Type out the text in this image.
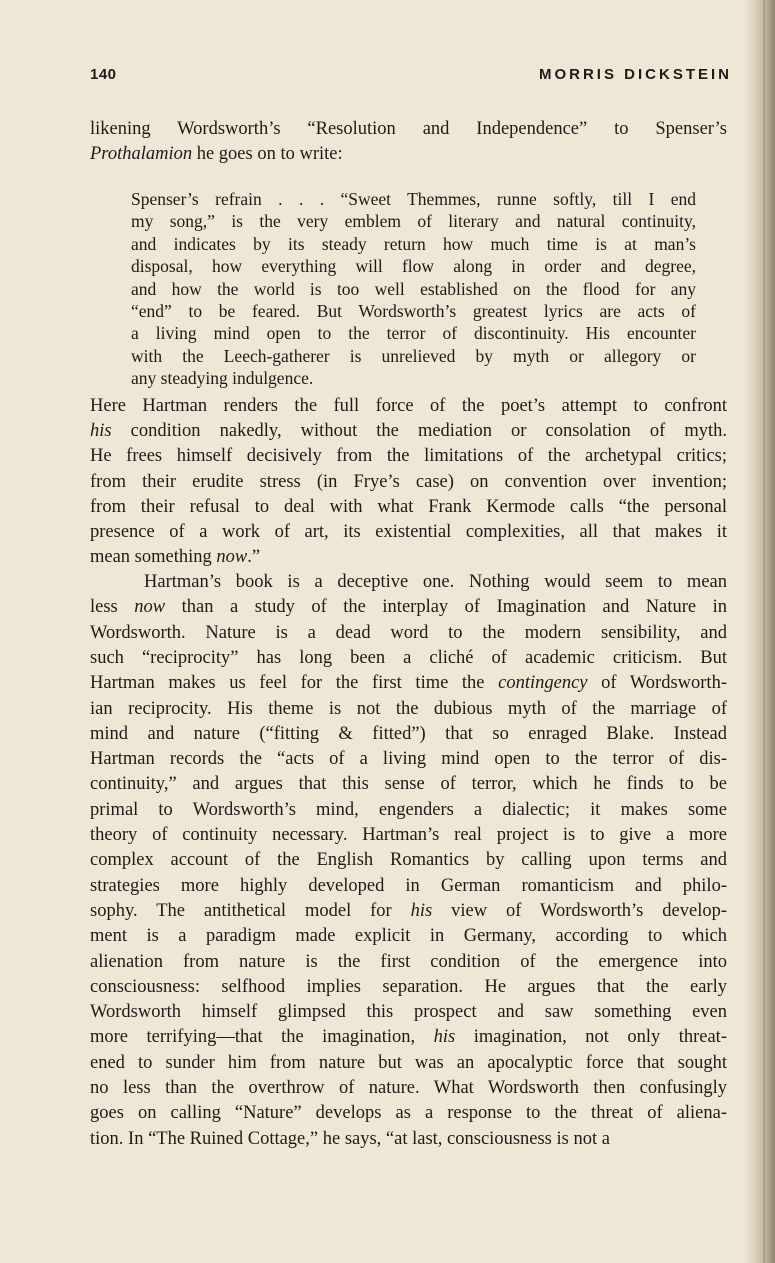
140	MORRIS DICKSTEIN
likening Wordsworth’s “Resolution and Independence” to Spenser’s
Prothalamion he goes on to write:
Spenser’s refrain . . . “Sweet Themmes, runne softly, till I end
my song,” is the very emblem of literary and natural continuity,
and indicates by its steady return how much time is at man’s
disposal, how everything will flow along in order and degree,
and how the world is too well established on the flood for any
“end” to be feared. But Wordsworth’s greatest lyrics are acts of
a living mind open to the terror of discontinuity. His encounter
with the Leech-gatherer is unrelieved by myth or allegory or
any steadying indulgence.
Here Hartman renders the full force of the poet’s attempt to confront
his condition nakedly, without the mediation or consolation of myth.
He frees himself decisively from the limitations of the archetypal critics;
from their erudite stress (in Frye’s case) on convention over invention;
from their refusal to deal with what Frank Kermode calls “the personal
presence of a work of art, its existential complexities, all that makes it
mean something now.”
Hartman’s book is a deceptive one. Nothing would seem to mean
less now than a study of the interplay of Imagination and Nature in
Wordsworth. Nature is a dead word to the modern sensibility, and
such “reciprocity” has long been a cliché of academic criticism. But
Hartman makes us feel for the first time the contingency of Wordsworth-
ian reciprocity. His theme is not the dubious myth of the marriage of
mind and nature (“fitting & fitted”) that so enraged Blake. Instead
Hartman records the “acts of a living mind open to the terror of dis-
continuity,” and argues that this sense of terror, which he finds to be
primal to Wordsworth’s mind, engenders a dialectic; it makes some
theory of continuity necessary. Hartman’s real project is to give a more
complex account of the English Romantics by calling upon terms and
strategies more highly developed in German romanticism and philo-
sophy. The antithetical model for his view of Wordsworth’s develop-
ment is a paradigm made explicit in Germany, according to which
alienation from nature is the first condition of the emergence into
consciousness: selfhood implies separation. He argues that the early
Wordsworth himself glimpsed this prospect and saw something even
more terrifying—that the imagination, his imagination, not only threat-
ened to sunder him from nature but was an apocalyptic force that sought
no less than the overthrow of nature. What Wordsworth then confusingly
goes on calling “Nature” develops as a response to the threat of aliena-
tion. In “The Ruined Cottage,” he says, “at last, consciousness is not a
